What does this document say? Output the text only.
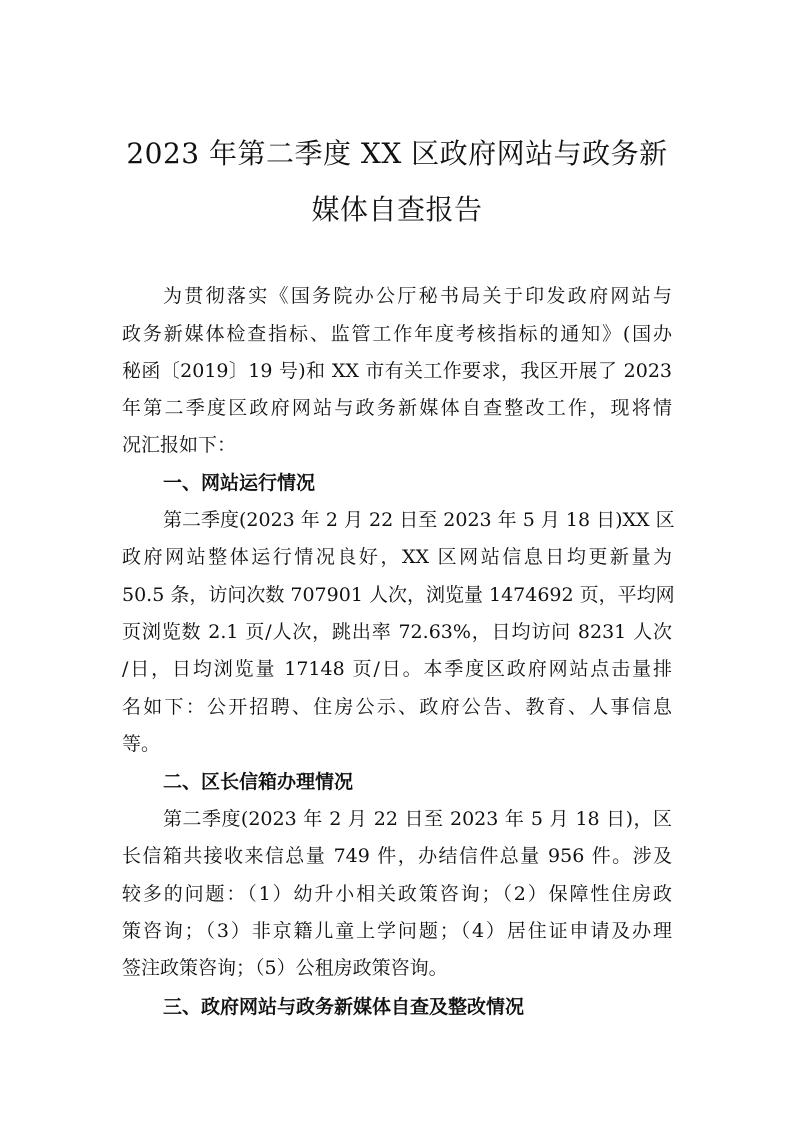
2023 年第二季度 XX 区政府网站与政务新
媒体自查报告
为贯彻落实《国务院办公厅秘书局关于印发政府网站与
政务新媒体检查指标、监管工作年度考核指标的通知》(国办
秘函〔2019〕19 号)和 XX 市有关工作要求，我区开展了 2023
年第二季度区政府网站与政务新媒体自查整改工作，现将情
况汇报如下：
一、网站运行情况
第二季度(2023 年 2 月 22 日至 2023 年 5 月 18 日)XX 区
政府网站整体运行情况良好，XX 区网站信息日均更新量为
50.5 条，访问次数 707901 人次，浏览量 1474692 页，平均网
页浏览数 2.1 页/人次，跳出率 72.63%，日均访问 8231 人次
/日，日均浏览量 17148 页/日。本季度区政府网站点击量排
名如下：公开招聘、住房公示、政府公告、教育、人事信息
等。
二、区长信箱办理情况
第二季度(2023 年 2 月 22 日至 2023 年 5 月 18 日)，区
长信箱共接收来信总量 749 件，办结信件总量 956 件。涉及
较多的问题：（1）幼升小相关政策咨询；（2）保障性住房政
策咨询；（3）非京籍儿童上学问题；（4）居住证申请及办理
签注政策咨询；（5）公租房政策咨询。
三、政府网站与政务新媒体自查及整改情况
